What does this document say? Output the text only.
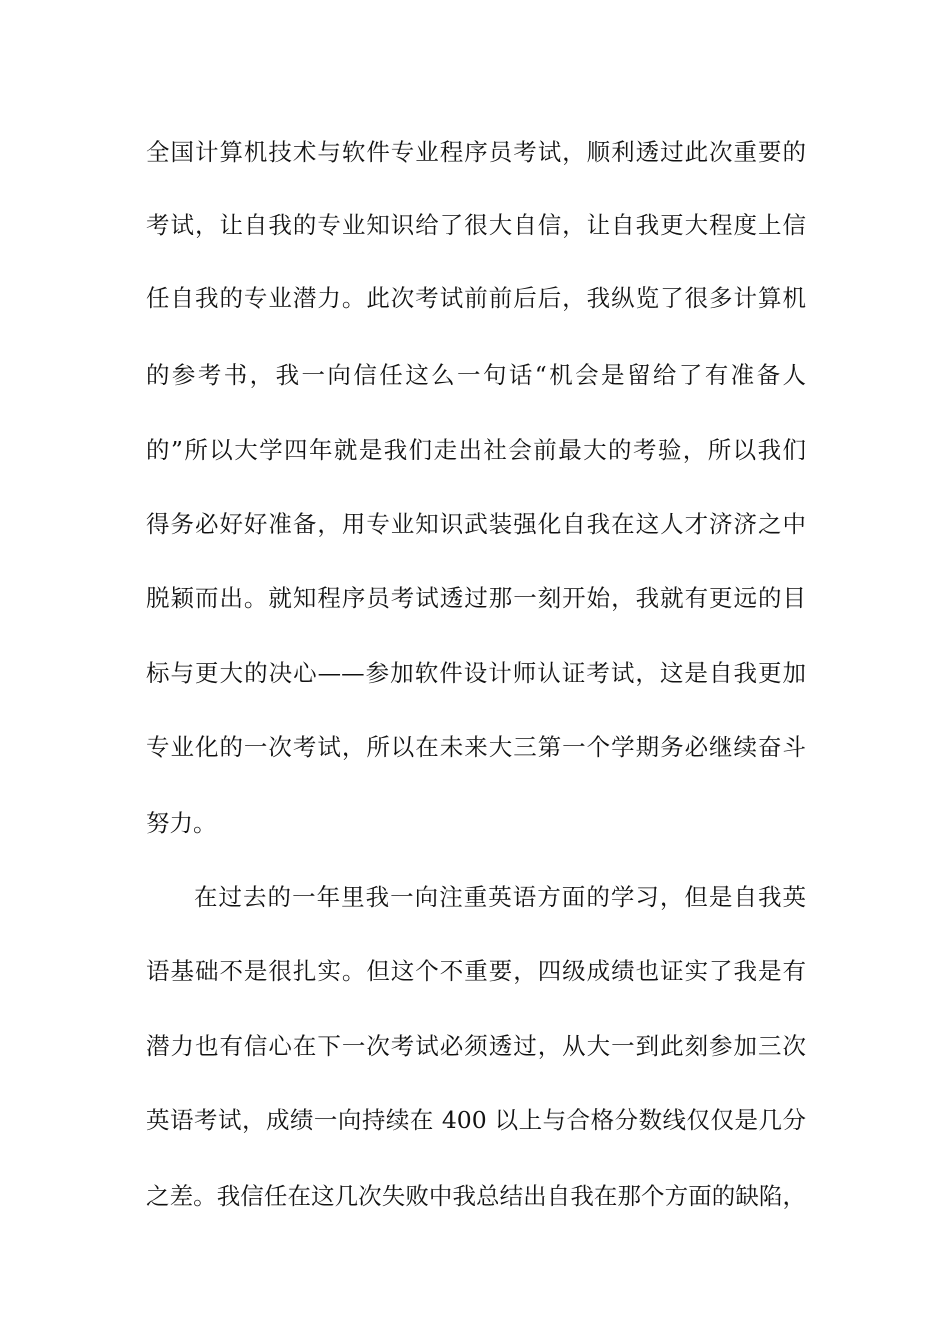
全国计算机技术与软件专业程序员考试，顺利透过此次重要的
考试，让自我的专业知识给了很大自信，让自我更大程度上信
任自我的专业潜力。此次考试前前后后，我纵览了很多计算机
的参考书，我一向信任这么一句话“机会是留给了有准备人
的”所以大学四年就是我们走出社会前最大的考验，所以我们
得务必好好准备，用专业知识武装强化自我在这人才济济之中
脱颖而出。就知程序员考试透过那一刻开始，我就有更远的目
标与更大的决心——参加软件设计师认证考试，这是自我更加
专业化的一次考试，所以在未来大三第一个学期务必继续奋斗
努力。
在过去的一年里我一向注重英语方面的学习，但是自我英
语基础不是很扎实。但这个不重要，四级成绩也证实了我是有
潜力也有信心在下一次考试必须透过，从大一到此刻参加三次
英语考试，成绩一向持续在 400 以上与合格分数线仅仅是几分
之差。我信任在这几次失败中我总结出自我在那个方面的缺陷，
